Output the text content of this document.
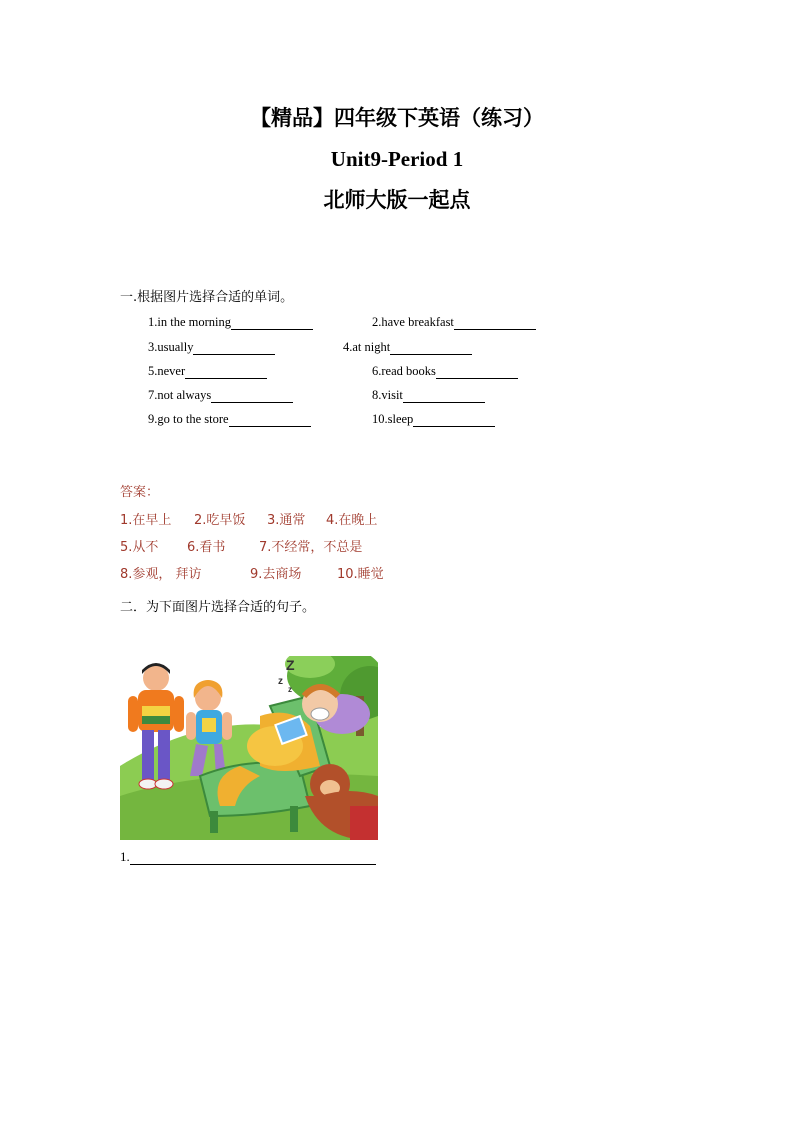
【精品】四年级下英语（练习）
Unit9-Period 1
北师大版一起点
一.根据图片选择合适的单词。
1.in the morning	2.have breakfast
3.usually	4.at night
5.never	6.read books
7.not always	8.visit
9.go to the store	10.sleep
答案：
1.在早上 2.吃早饭 3.通常 4.在晚上
5.从不 6.看书	7.不经常，不总是
8.参观， 拜访	9.去商场	10.睡觉
二．为下面图片选择合适的句子。
Z
z
z
1.
